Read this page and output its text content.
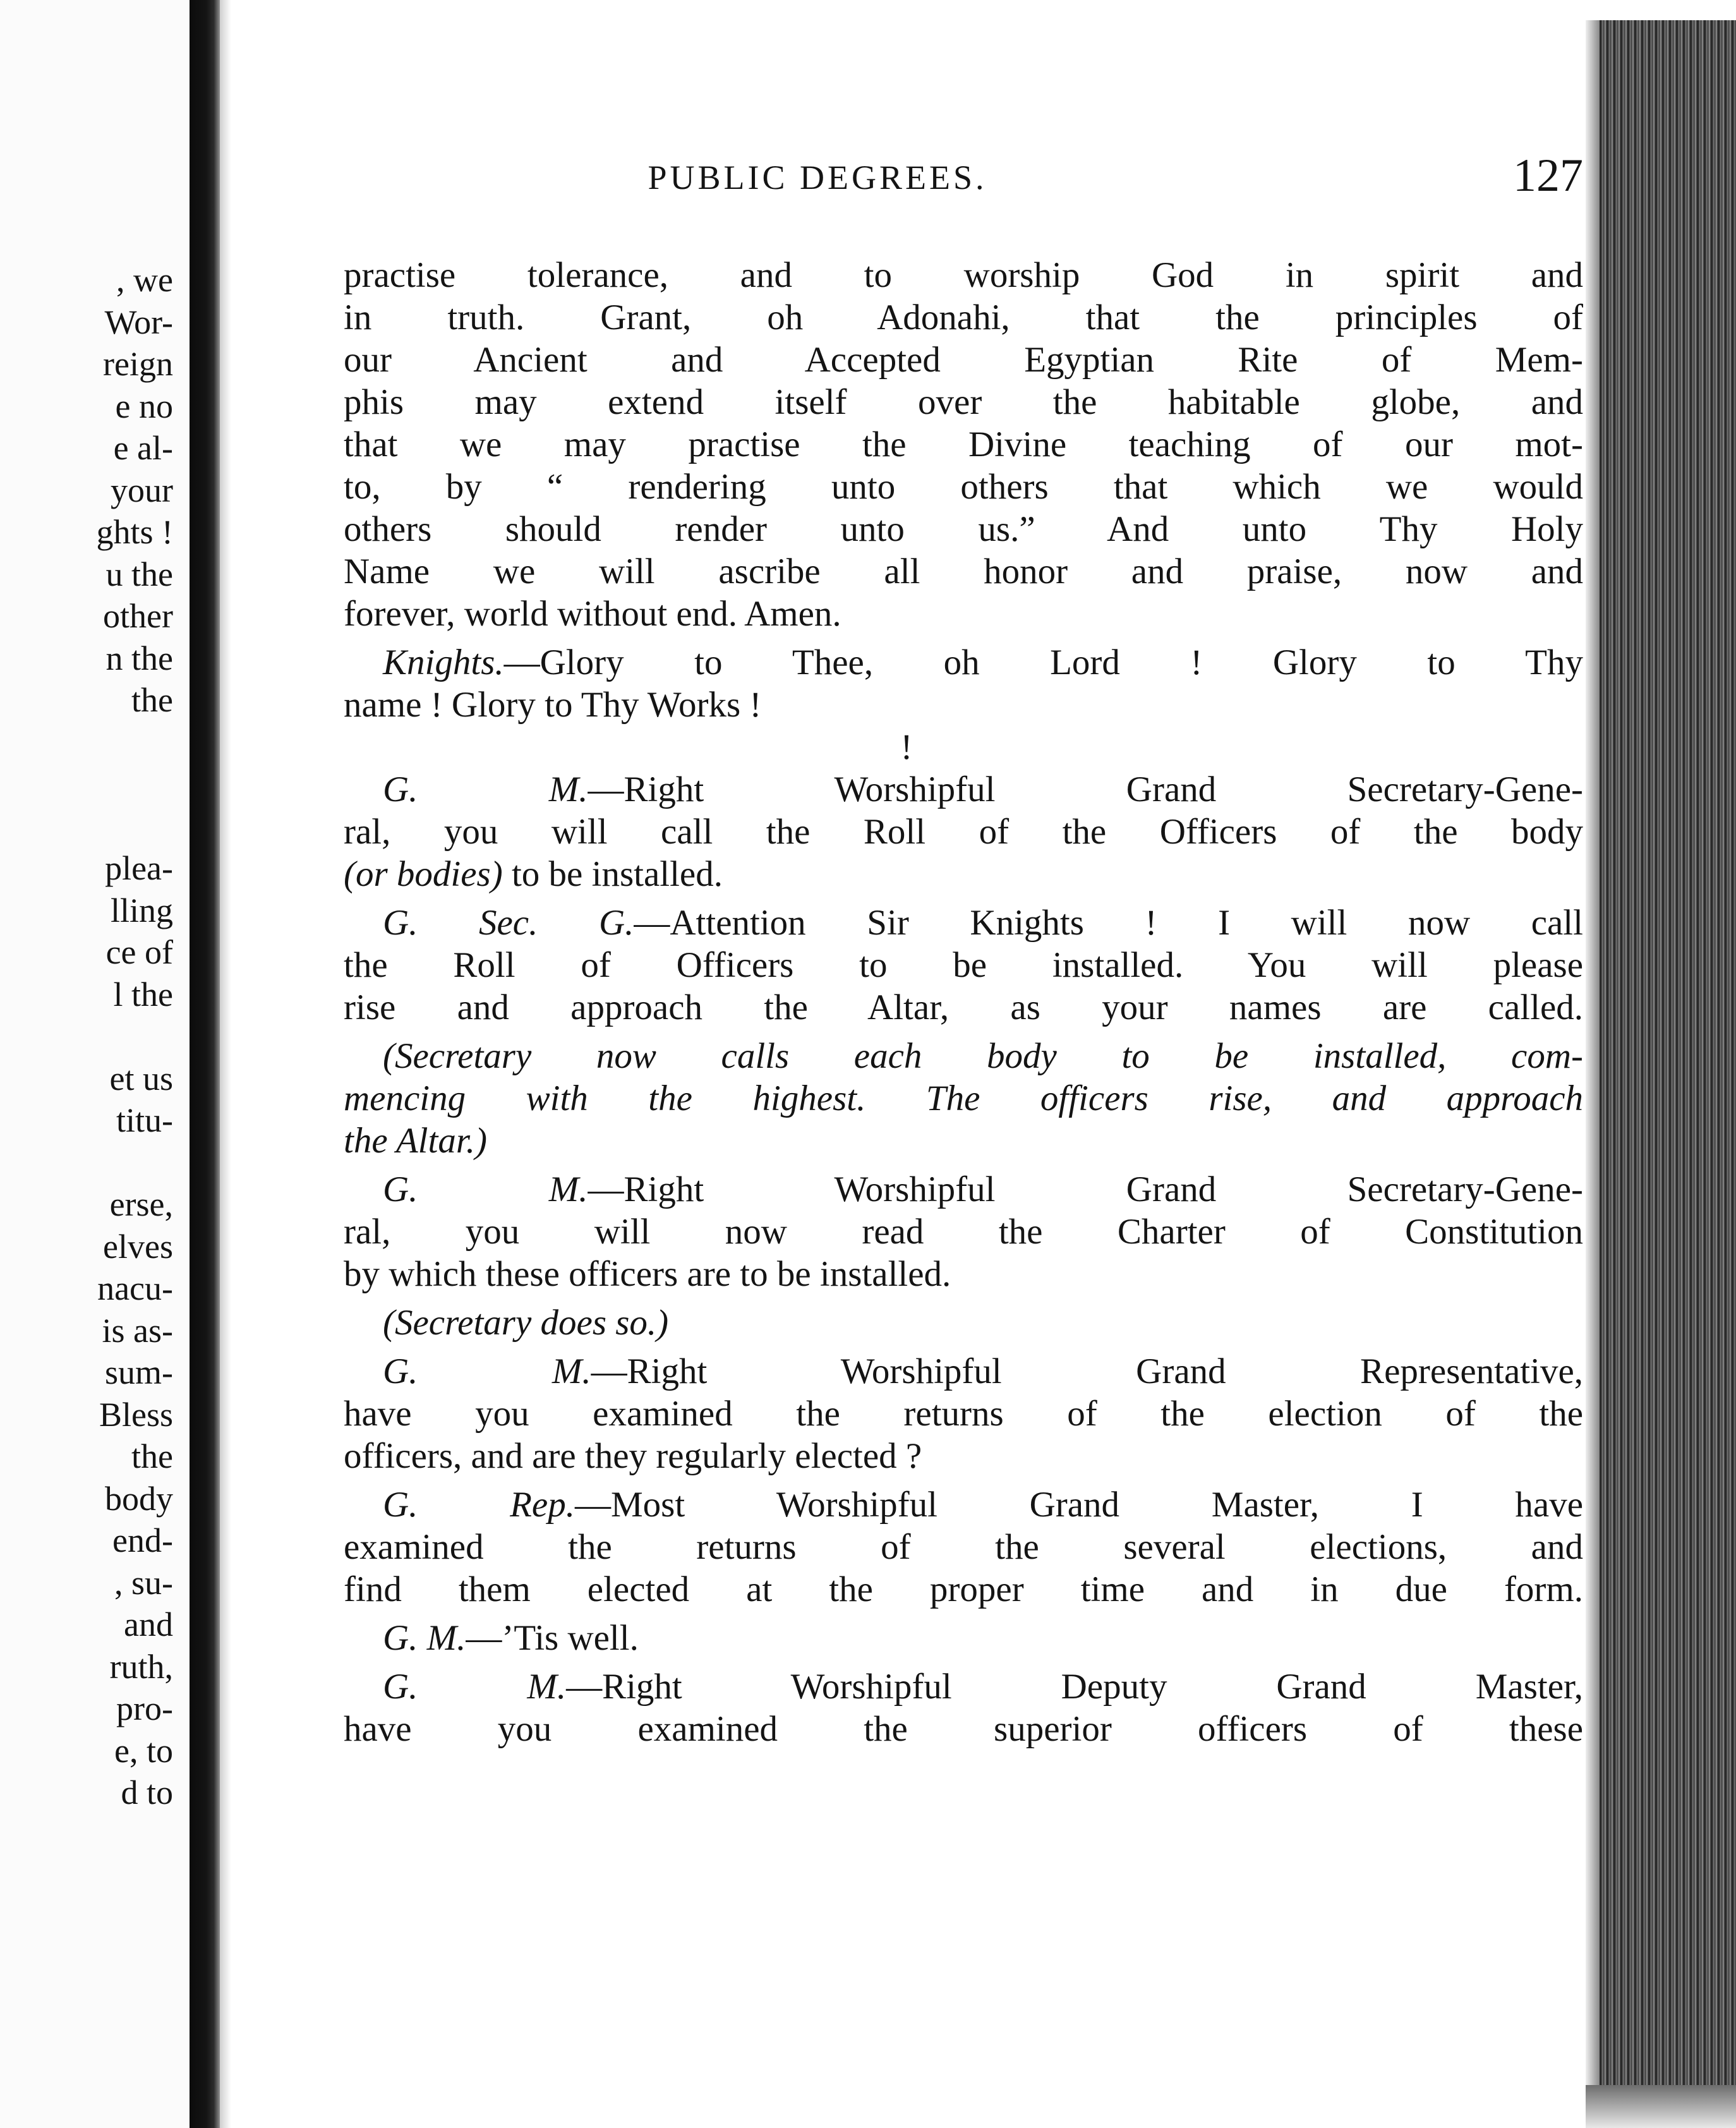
, we
Wor-
reign
e no
e al-
your
ghts !
u the
other
n the
the
plea-
lling
ce of
l the
et us
titu-
erse,
elves
nacu-
is as-
sum-
Bless
the
body
end-
, su-
and
ruth,
pro-
e, to
d to
PUBLIC DEGREES.	127

practise tolerance, and to worship God in spirit and
in truth. Grant, oh Adonahi, that the principles of
our Ancient and Accepted Egyptian Rite of Mem-
phis may extend itself over the habitable globe, and
that we may practise the Divine teaching of our mot-
to, by “ rendering unto others that which we would
others should render unto us.” And unto Thy Holy
Name we will ascribe all honor and praise, now and
forever, world without end. Amen.

Knights.—Glory to Thee, oh Lord ! Glory to Thy
name ! Glory to Thy Works !

!

G. M.—Right Worshipful Grand Secretary-Gene-
ral, you will call the Roll of the Officers of the body
(or bodies) to be installed.

G. Sec. G.—Attention Sir Knights ! I will now call
the Roll of Officers to be installed. You will please
rise and approach the Altar, as your names are called.

(Secretary now calls each body to be installed, com-
mencing with the highest. The officers rise, and approach
the Altar.)

G. M.—Right Worshipful Grand Secretary-Gene-
ral, you will now read the Charter of Constitution
by which these officers are to be installed.

(Secretary does so.)

G. M.—Right Worshipful Grand Representative,
have you examined the returns of the election of the
officers, and are they regularly elected ?

G. Rep.—Most Worshipful Grand Master, I have
examined the returns of the several elections, and
find them elected at the proper time and in due form.

G. M.—’Tis well.

G. M.—Right Worshipful Deputy Grand Master,
have you examined the superior officers of these
